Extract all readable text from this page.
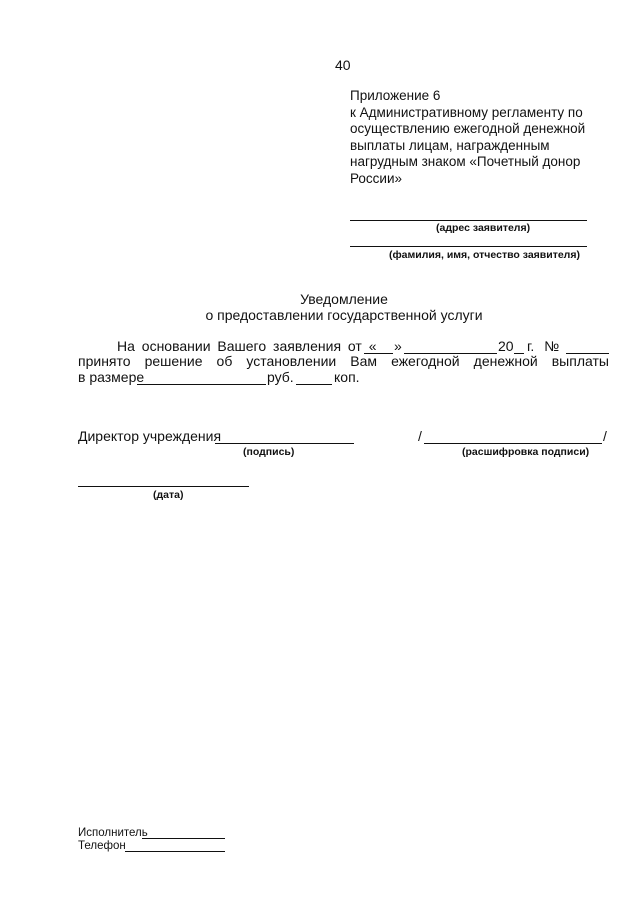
40
Приложение 6
к Административному регламенту по
осуществлению ежегодной денежной
выплаты лицам, награжденным
нагрудным знаком «Почетный донор
России»
(адрес заявителя)
(фамилия, имя, отчество заявителя)
Уведомление
о предоставлении государственной услуги
На основании Вашего заявления от « »	20 г. №
принято решение об установлении Вам ежегодной денежной выплаты
в размере	руб.	коп.
Директор учреждения
(подпись)
/	/
(расшифровка подписи)
(дата)
Исполнитель
Телефон
